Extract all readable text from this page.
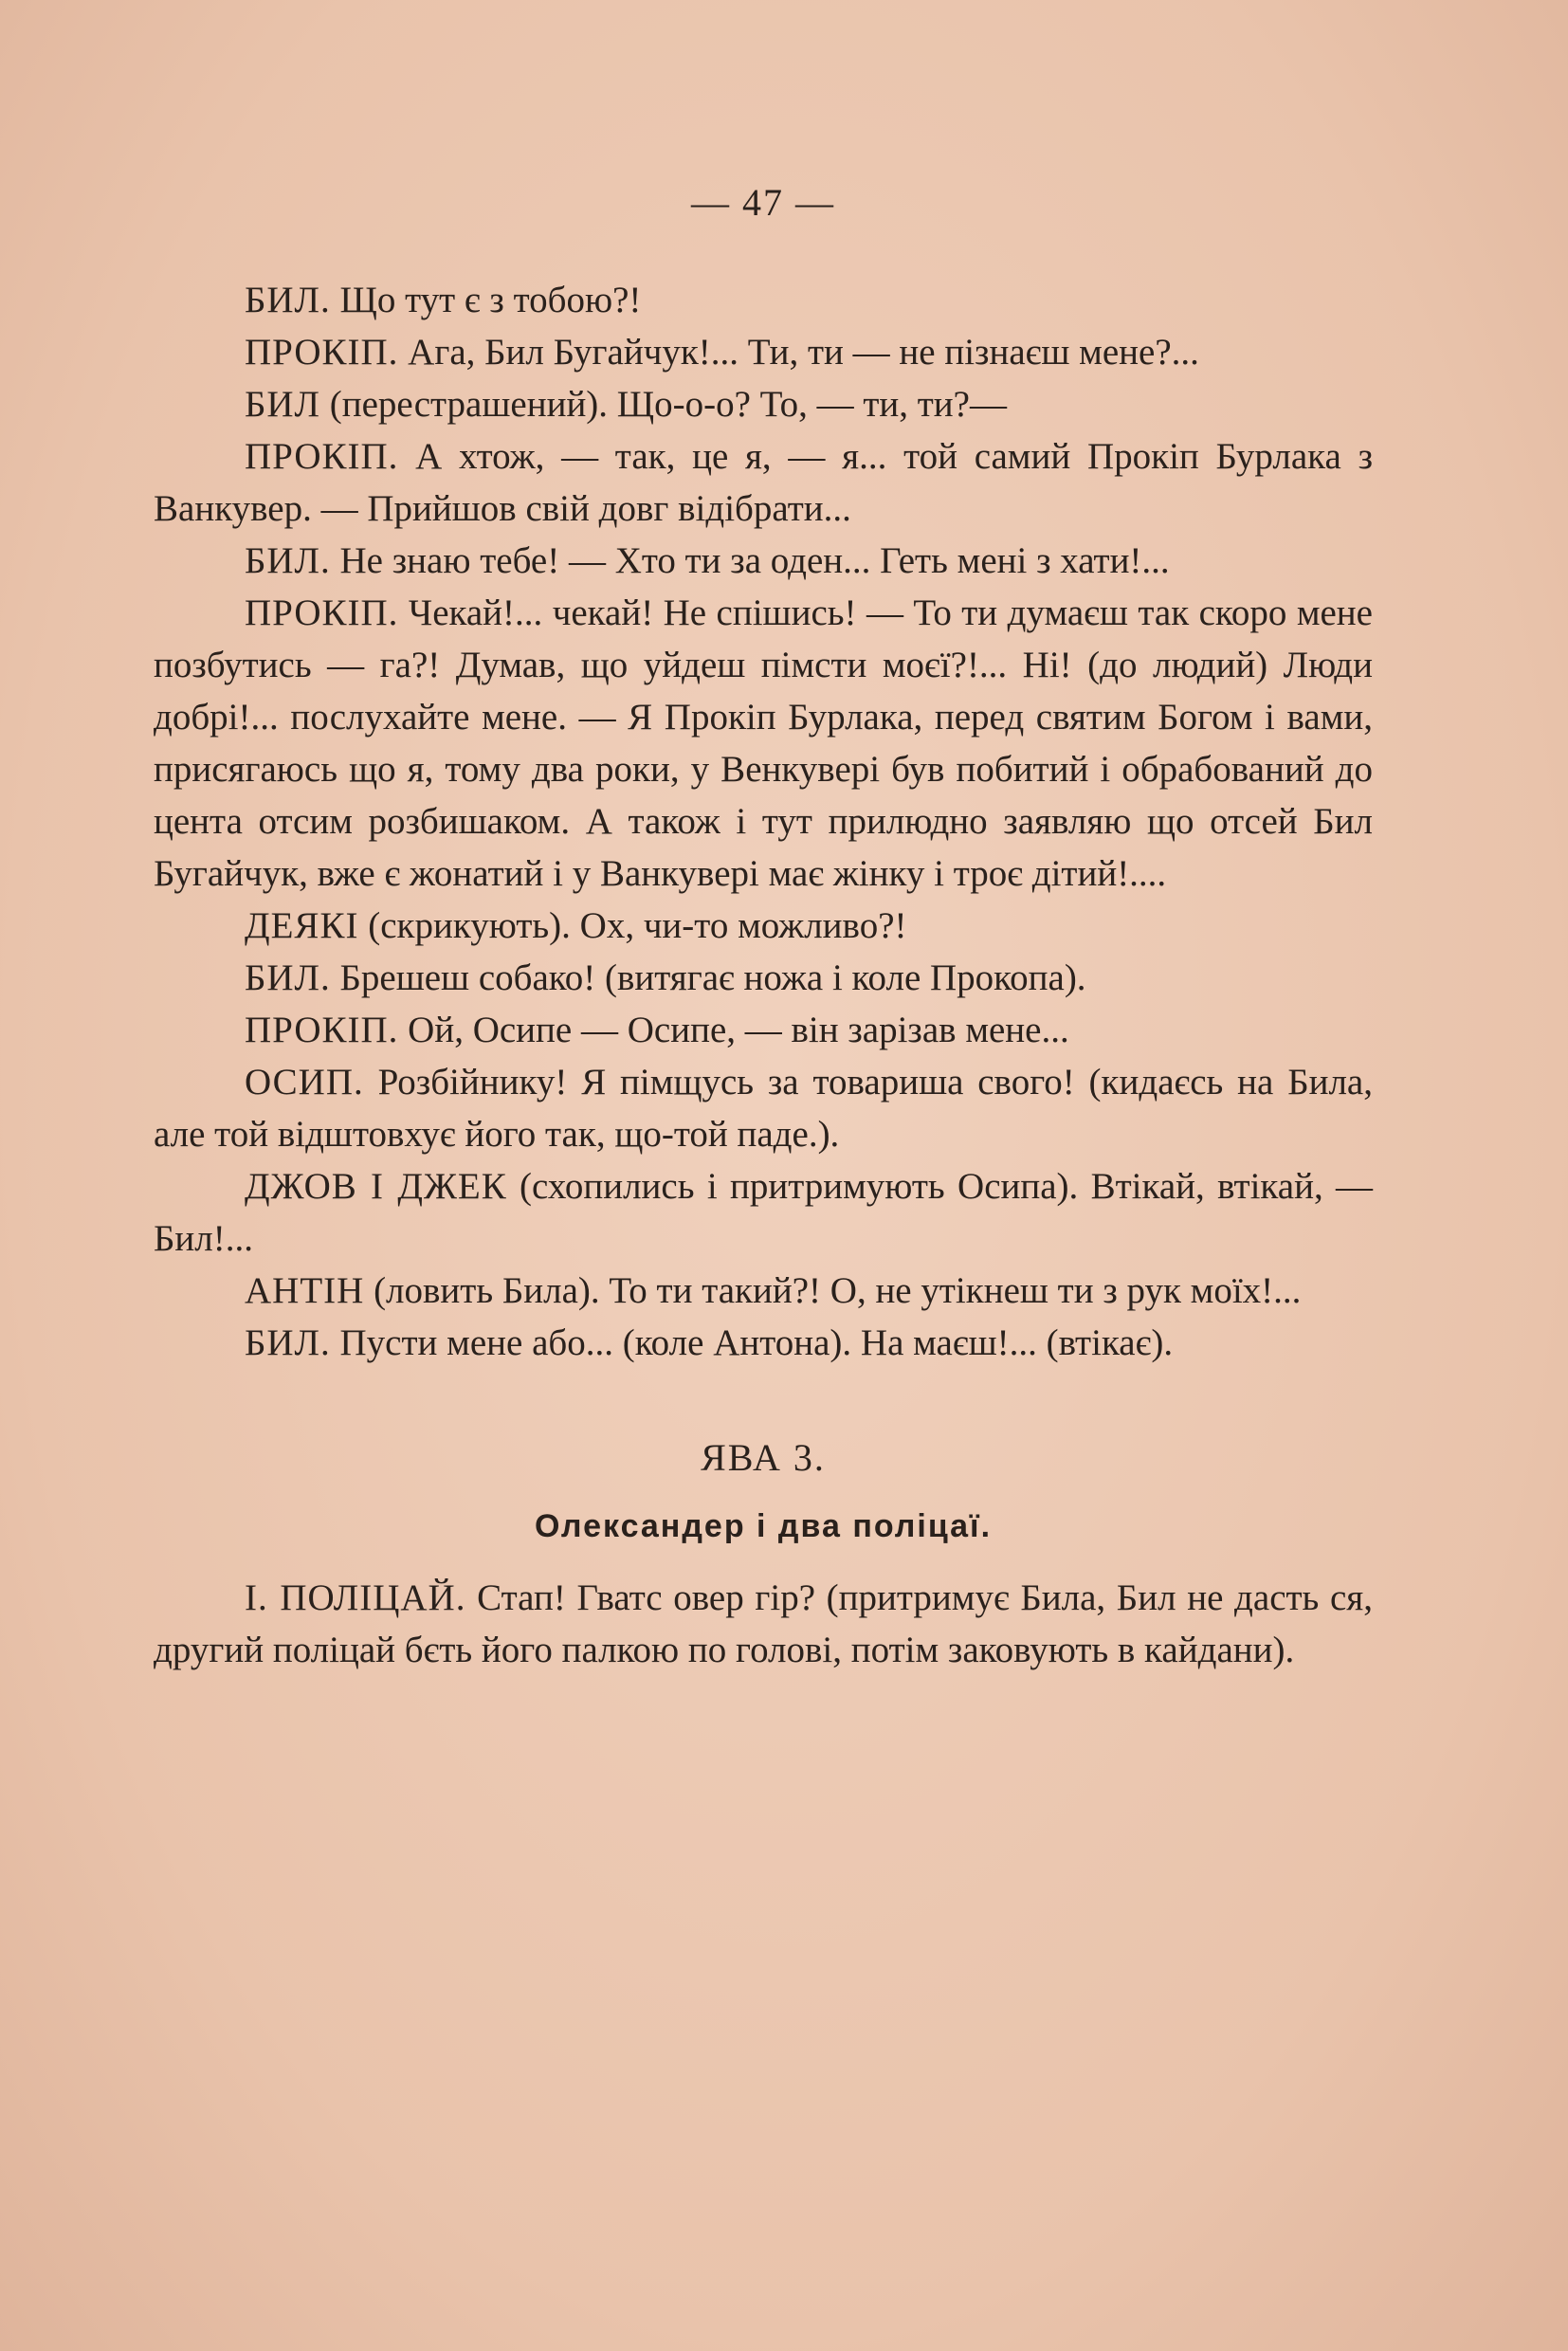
— 47 —

БИЛ. Що тут є з тобою?!

ПРОКІП. Ага, Бил Бугайчук!... Ти, ти — не пізнаєш мене?...

БИЛ (перестрашений). Що-о-о? То, — ти, ти?—

ПРОКІП. А хтож, — так, це я, — я... той самий Прокіп Бурлака з Ванкувер. — Прийшов свій довг відібрати...

БИЛ. Не знаю тебе! — Хто ти за оден... Геть мені з хати!...

ПРОКІП. Чекай!... чекай! Не спішись! — То ти думаєш так скоро мене позбутись — га?! Думав, що уйдеш пімсти моєї?!... Ні! (до людий) Люди добрі!... послухайте мене. — Я Прокіп Бурлака, перед святим Богом і вами, присягаюсь що я, тому два роки, у Венкувері був побитий і обрабований до цента отсим розбишаком. А також і тут прилюдно заявляю що отсей Бил Бугайчук, вже є жонатий і у Ванкувері має жінку і троє дітий!....

ДЕЯКІ (скрикують). Ох, чи-то можливо?!

БИЛ. Брешеш собако! (витягає ножа і коле Прокопа).

ПРОКІП. Ой, Осипе — Осипе, — він зарізав мене...

ОСИП. Розбійнику! Я пімщусь за товариша свого! (кидаєсь на Била, але той відштовхує його так, що-той паде.).

ДЖОВ І ДЖЕК (схопились і притримують Осипа). Втікай, втікай, — Бил!...

АНТІН (ловить Била). То ти такий?! О, не утікнеш ти з рук моїх!...

БИЛ. Пусти мене або... (коле Антона). На маєш!... (втікає).

ЯВА 3.
Олександер і два поліцаї.

І. ПОЛІЦАЙ. Стап! Гватс овер гір? (притримує Била, Бил не дасть ся, другий поліцай бєть його палкою по голові, потім заковують в кайдани).
